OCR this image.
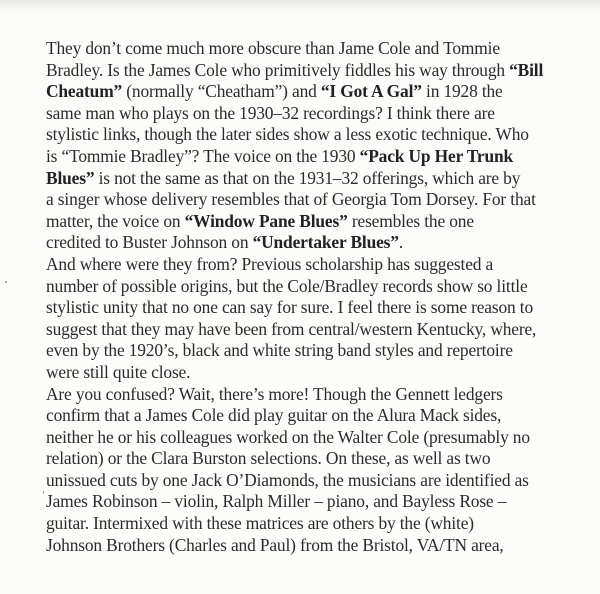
They don’t come much more obscure than Jame Cole and Tommie
Bradley. Is the James Cole who primitively fiddles his way through “Bill
Cheatum” (normally “Cheatham”) and “I Got A Gal” in 1928 the
same man who plays on the 1930–32 recordings? I think there are
stylistic links, though the later sides show a less exotic technique. Who
is “Tommie Bradley”? The voice on the 1930 “Pack Up Her Trunk
Blues” is not the same as that on the 1931–32 offerings, which are by
a singer whose delivery resembles that of Georgia Tom Dorsey. For that
matter, the voice on “Window Pane Blues” resembles the one
credited to Buster Johnson on “Undertaker Blues”.
And where were they from? Previous scholarship has suggested a
number of possible origins, but the Cole/Bradley records show so little
stylistic unity that no one can say for sure. I feel there is some reason to
suggest that they may have been from central/western Kentucky, where,
even by the 1920’s, black and white string band styles and repertoire
were still quite close.
Are you confused? Wait, there’s more! Though the Gennett ledgers
confirm that a James Cole did play guitar on the Alura Mack sides,
neither he or his colleagues worked on the Walter Cole (presumably no
relation) or the Clara Burston selections. On these, as well as two
unissued cuts by one Jack O’Diamonds, the musicians are identified as
James Robinson – violin, Ralph Miller – piano, and Bayless Rose –
guitar. Intermixed with these matrices are others by the (white)
Johnson Brothers (Charles and Paul) from the Bristol, VA/TN area,
